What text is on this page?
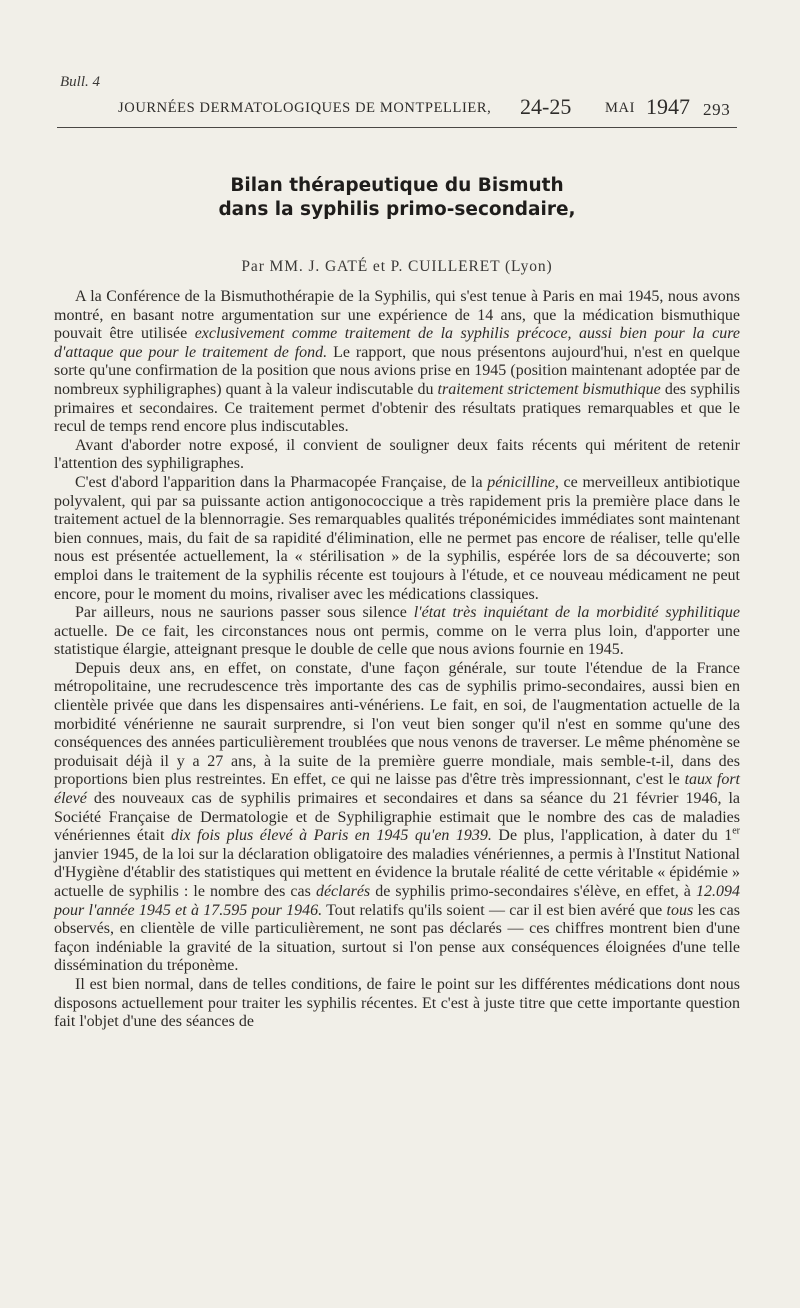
Bull. 4
JOURNÉES DERMATOLOGIQUES DE MONTPELLIER, 24-25 MAI 1947 293
Bilan thérapeutique du Bismuth
dans la syphilis primo-secondaire,
Par MM. J. GATÉ et P. CUILLERET (Lyon)

A la Conférence de la Bismuthothérapie de la Syphilis, qui s'est tenue à Paris en mai 1945, nous avons montré, en basant notre argumentation sur une expérience de 14 ans, que la médication bismuthique pouvait être utilisée exclusivement comme traitement de la syphilis précoce, aussi bien pour la cure d'attaque que pour le traitement de fond. Le rapport, que nous présentons aujourd'hui, n'est en quelque sorte qu'une confirmation de la position que nous avions prise en 1945 (position maintenant adoptée par de nombreux syphiligraphes) quant à la valeur indiscutable du traitement strictement bismuthique des syphilis primaires et secondaires. Ce traitement permet d'obtenir des résultats pratiques remarquables et que le recul de temps rend encore plus indiscutables.

Avant d'aborder notre exposé, il convient de souligner deux faits récents qui méritent de retenir l'attention des syphiligraphes.

C'est d'abord l'apparition dans la Pharmacopée Française, de la pénicilline, ce merveilleux antibiotique polyvalent, qui par sa puissante action antigonococcique a très rapidement pris la première place dans le traitement actuel de la blennorragie. Ses remarquables qualités tréponémicides immédiates sont maintenant bien connues, mais, du fait de sa rapidité d'élimination, elle ne permet pas encore de réaliser, telle qu'elle nous est présentée actuellement, la « stérilisation » de la syphilis, espérée lors de sa découverte; son emploi dans le traitement de la syphilis récente est toujours à l'étude, et ce nouveau médicament ne peut encore, pour le moment du moins, rivaliser avec les médications classiques.

Par ailleurs, nous ne saurions passer sous silence l'état très inquiétant de la morbidité syphilitique actuelle. De ce fait, les circonstances nous ont permis, comme on le verra plus loin, d'apporter une statistique élargie, atteignant presque le double de celle que nous avions fournie en 1945.

Depuis deux ans, en effet, on constate, d'une façon générale, sur toute l'étendue de la France métropolitaine, une recrudescence très importante des cas de syphilis primo-secondaires, aussi bien en clientèle privée que dans les dispensaires anti-vénériens. Le fait, en soi, de l'augmentation actuelle de la morbidité vénérienne ne saurait surprendre, si l'on veut bien songer qu'il n'est en somme qu'une des conséquences des années particulièrement troublées que nous venons de traverser. Le même phénomène se produisait déjà il y a 27 ans, à la suite de la première guerre mondiale, mais semble-t-il, dans des proportions bien plus restreintes. En effet, ce qui ne laisse pas d'être très impressionnant, c'est le taux fort élevé des nouveaux cas de syphilis primaires et secondaires et dans sa séance du 21 février 1946, la Société Française de Dermatologie et de Syphiligraphie estimait que le nombre des cas de maladies vénériennes était dix fois plus élevé à Paris en 1945 qu'en 1939. De plus, l'application, à dater du 1er janvier 1945, de la loi sur la déclaration obligatoire des maladies vénériennes, a permis à l'Institut National d'Hygiène d'établir des statistiques qui mettent en évidence la brutale réalité de cette véritable « épidémie » actuelle de syphilis : le nombre des cas déclarés de syphilis primo-secondaires s'élève, en effet, à 12.094 pour l'année 1945 et à 17.595 pour 1946. Tout relatifs qu'ils soient — car il est bien avéré que tous les cas observés, en clientèle de ville particulièrement, ne sont pas déclarés — ces chiffres montrent bien d'une façon indéniable la gravité de la situation, surtout si l'on pense aux conséquences éloignées d'une telle dissémination du tréponème.

Il est bien normal, dans de telles conditions, de faire le point sur les différentes médications dont nous disposons actuellement pour traiter les syphilis récentes. Et c'est à juste titre que cette importante question fait l'objet d'une des séances de
